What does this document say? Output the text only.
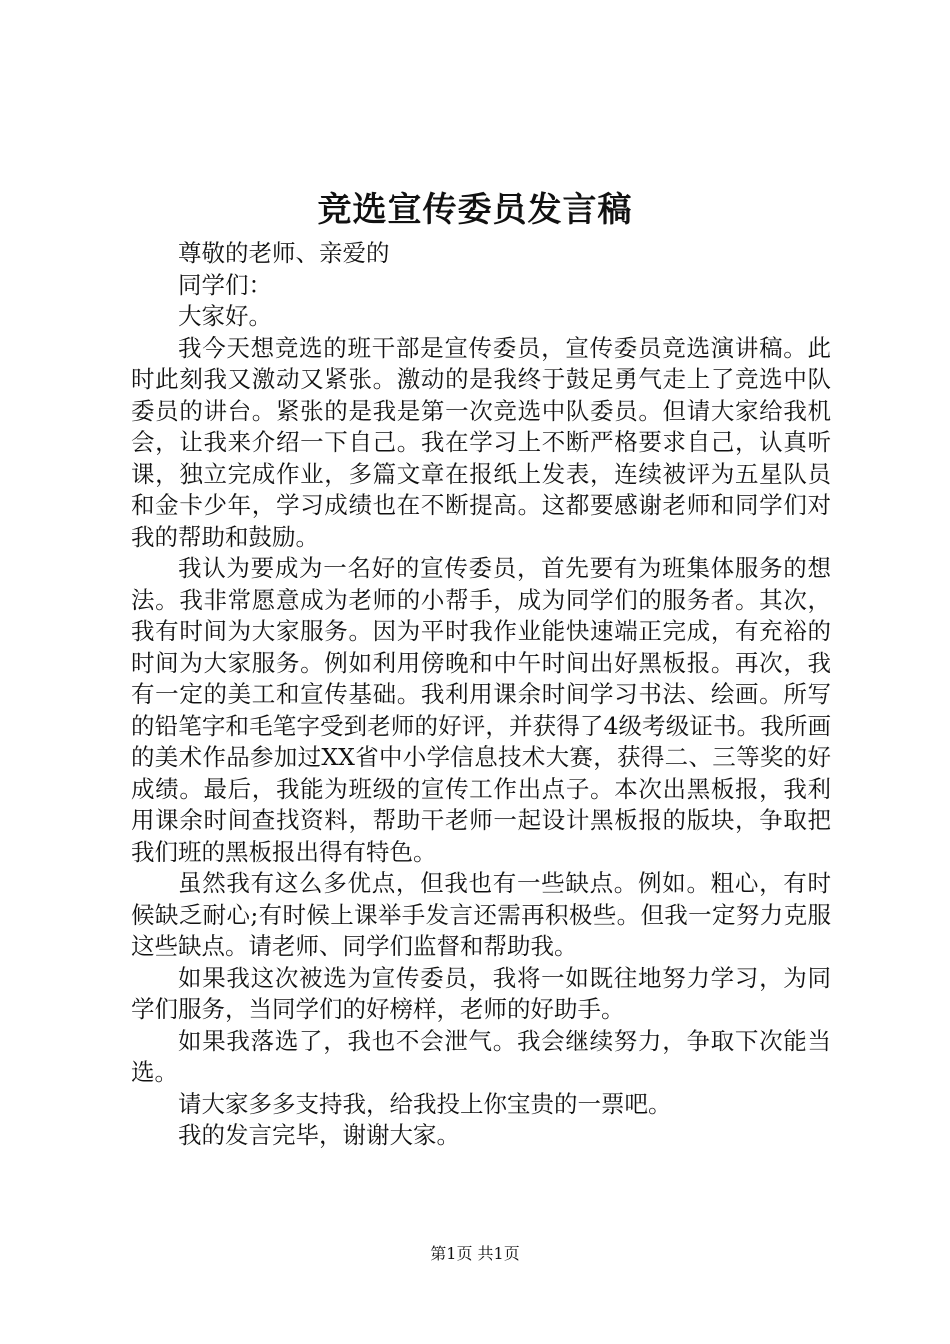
竞选宣传委员发言稿

尊敬的老师、亲爱的

同学们：

大家好。

我今天想竞选的班干部是宣传委员，宣传委员竞选演讲稿。此时此刻我又激动又紧张。激动的是我终于鼓足勇气走上了竞选中队委员的讲台。紧张的是我是第一次竞选中队委员。但请大家给我机会，让我来介绍一下自己。我在学习上不断严格要求自己，认真听课，独立完成作业，多篇文章在报纸上发表，连续被评为五星队员和金卡少年，学习成绩也在不断提高。这都要感谢老师和同学们对我的帮助和鼓励。

我认为要成为一名好的宣传委员，首先要有为班集体服务的想法。我非常愿意成为老师的小帮手，成为同学们的服务者。其次，我有时间为大家服务。因为平时我作业能快速端正完成，有充裕的时间为大家服务。例如利用傍晚和中午时间出好黑板报。再次，我有一定的美工和宣传基础。我利用课余时间学习书法、绘画。所写的铅笔字和毛笔字受到老师的好评，并获得了4级考级证书。我所画的美术作品参加过XX省中小学信息技术大赛，获得二、三等奖的好成绩。最后，我能为班级的宣传工作出点子。本次出黑板报，我利用课余时间查找资料，帮助干老师一起设计黑板报的版块，争取把我们班的黑板报出得有特色。

虽然我有这么多优点，但我也有一些缺点。例如。粗心，有时候缺乏耐心;有时候上课举手发言还需再积极些。但我一定努力克服这些缺点。请老师、同学们监督和帮助我。

如果我这次被选为宣传委员，我将一如既往地努力学习，为同学们服务，当同学们的好榜样，老师的好助手。

如果我落选了，我也不会泄气。我会继续努力，争取下次能当选。

请大家多多支持我，给我投上你宝贵的一票吧。

我的发言完毕，谢谢大家。

第1页 共1页
